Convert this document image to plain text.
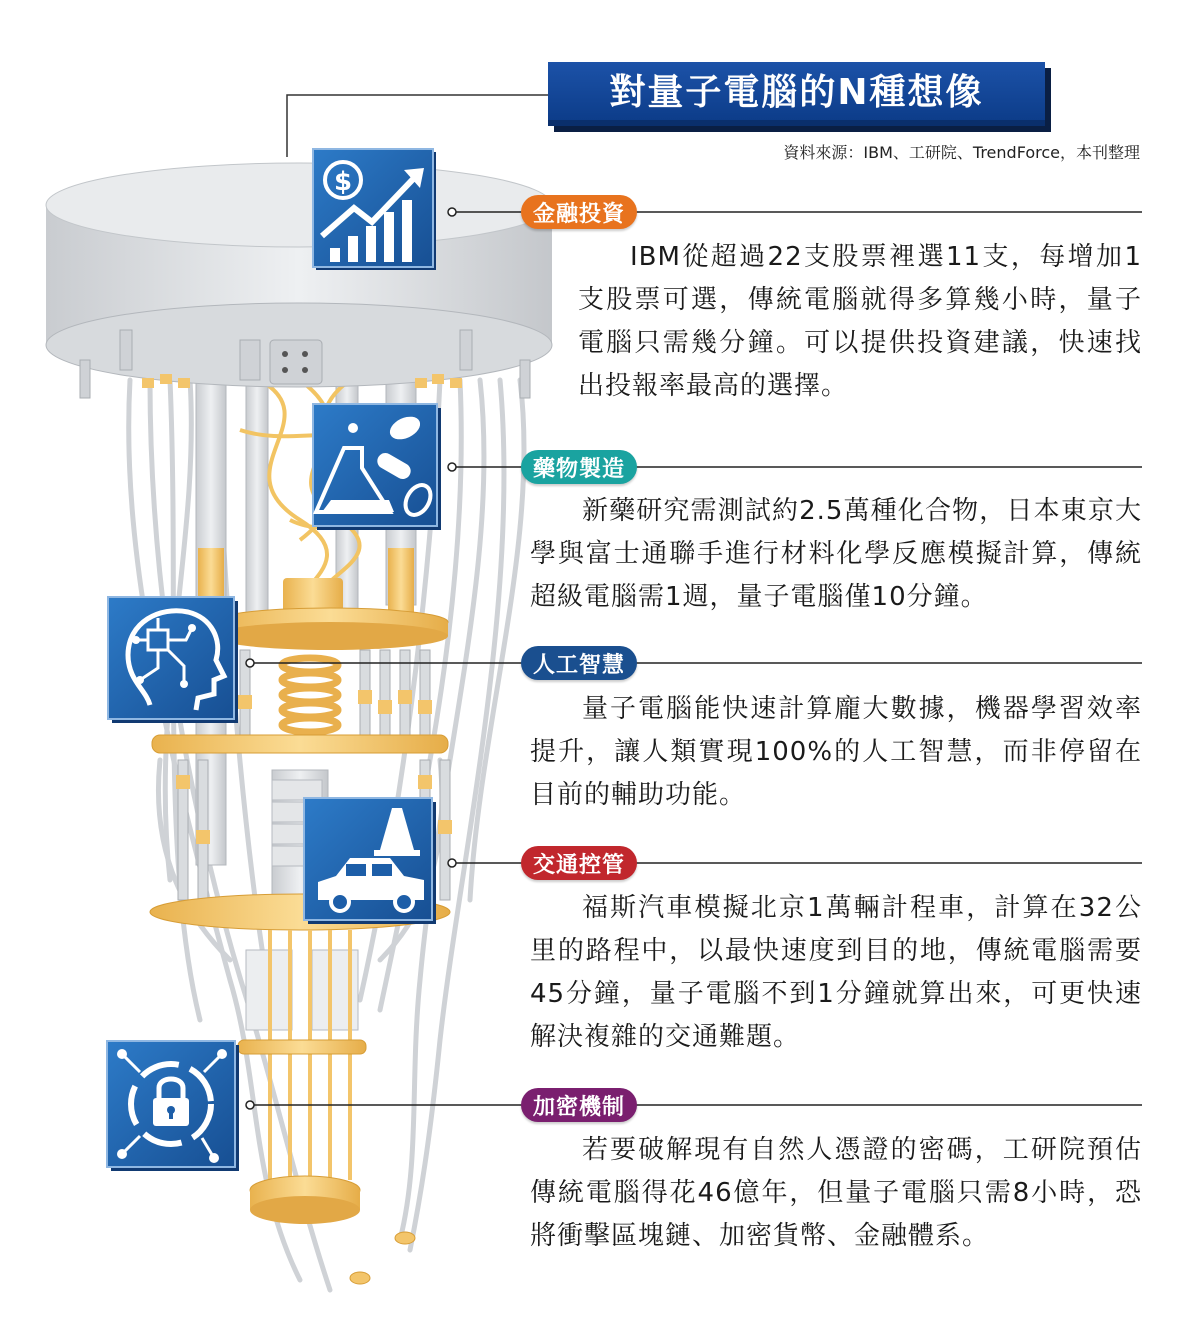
$
對量子電腦的N種想像
資料來源：IBM、工研院、TrendForce，本刊整理
金融投資
IBM從超過22支股票裡選11支，每增加1支股票可選，傳統電腦就得多算幾小時，量子電腦只需幾分鐘。可以提供投資建議，快速找出投報率最高的選擇。
藥物製造
新藥研究需測試約2.5萬種化合物，日本東京大學與富士通聯手進行材料化學反應模擬計算，傳統超級電腦需1週，量子電腦僅10分鐘。
人工智慧
量子電腦能快速計算龐大數據，機器學習效率提升，讓人類實現100%的人工智慧，而非停留在目前的輔助功能。
交通控管
福斯汽車模擬北京1萬輛計程車，計算在32公里的路程中，以最快速度到目的地，傳統電腦需要45分鐘，量子電腦不到1分鐘就算出來，可更快速解決複雜的交通難題。
加密機制
若要破解現有自然人憑證的密碼，工研院預估傳統電腦得花46億年，但量子電腦只需8小時，恐將衝擊區塊鏈、加密貨幣、金融體系。
